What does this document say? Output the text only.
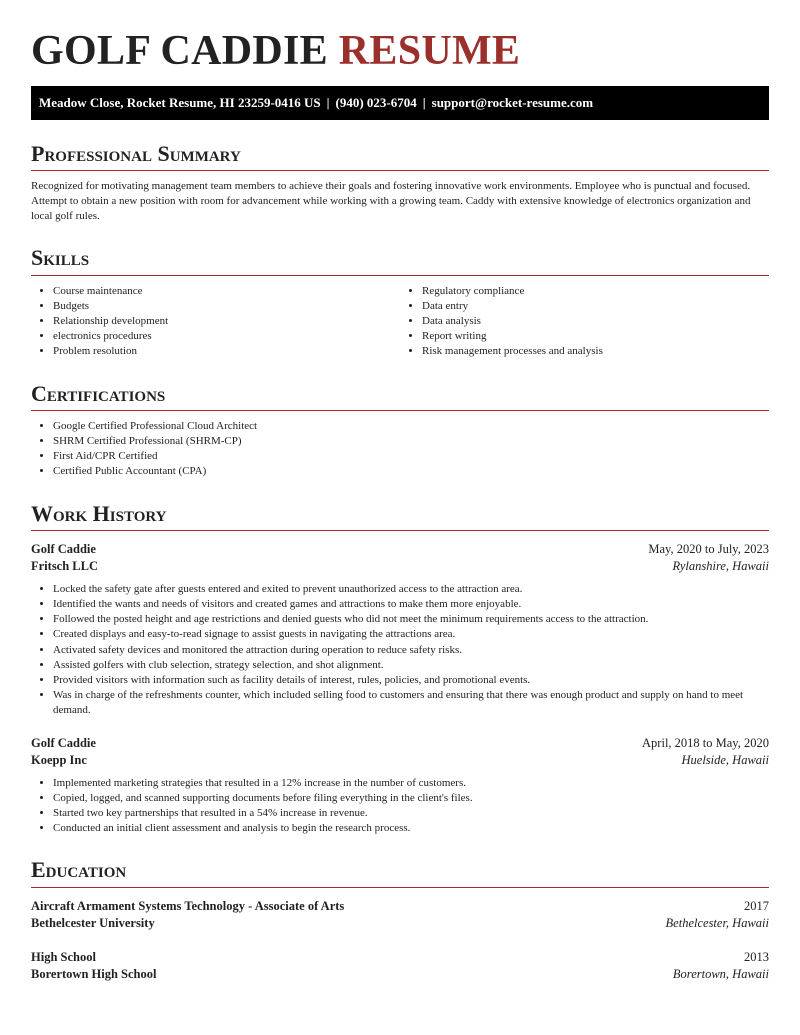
GOLF CADDIE RESUME
Meadow Close, Rocket Resume, HI 23259-0416 US | (940) 023-6704 | support@rocket-resume.com
Professional Summary
Recognized for motivating management team members to achieve their goals and fostering innovative work environments. Employee who is punctual and focused. Attempt to obtain a new position with room for advancement while working with a growing team. Caddy with extensive knowledge of electronics organization and local golf rules.
Skills
• Course maintenance
• Budgets
• Relationship development
• electronics procedures
• Problem resolution
• Regulatory compliance
• Data entry
• Data analysis
• Report writing
• Risk management processes and analysis
Certifications
• Google Certified Professional Cloud Architect
• SHRM Certified Professional (SHRM-CP)
• First Aid/CPR Certified
• Certified Public Accountant (CPA)
Work History
Golf Caddie	May, 2020 to July, 2023
Fritsch LLC	Rylanshire, Hawaii
• Locked the safety gate after guests entered and exited to prevent unauthorized access to the attraction area.
• Identified the wants and needs of visitors and created games and attractions to make them more enjoyable.
• Followed the posted height and age restrictions and denied guests who did not meet the minimum requirements access to the attraction.
• Created displays and easy-to-read signage to assist guests in navigating the attractions area.
• Activated safety devices and monitored the attraction during operation to reduce safety risks.
• Assisted golfers with club selection, strategy selection, and shot alignment.
• Provided visitors with information such as facility details of interest, rules, policies, and promotional events.
• Was in charge of the refreshments counter, which included selling food to customers and ensuring that there was enough product and supply on hand to meet demand.
Golf Caddie	April, 2018 to May, 2020
Koepp Inc	Huelside, Hawaii
• Implemented marketing strategies that resulted in a 12% increase in the number of customers.
• Copied, logged, and scanned supporting documents before filing everything in the client's files.
• Started two key partnerships that resulted in a 54% increase in revenue.
• Conducted an initial client assessment and analysis to begin the research process.
Education
Aircraft Armament Systems Technology - Associate of Arts	2017
Bethelcester University	Bethelcester, Hawaii
High School	2013
Borertown High School	Borertown, Hawaii
